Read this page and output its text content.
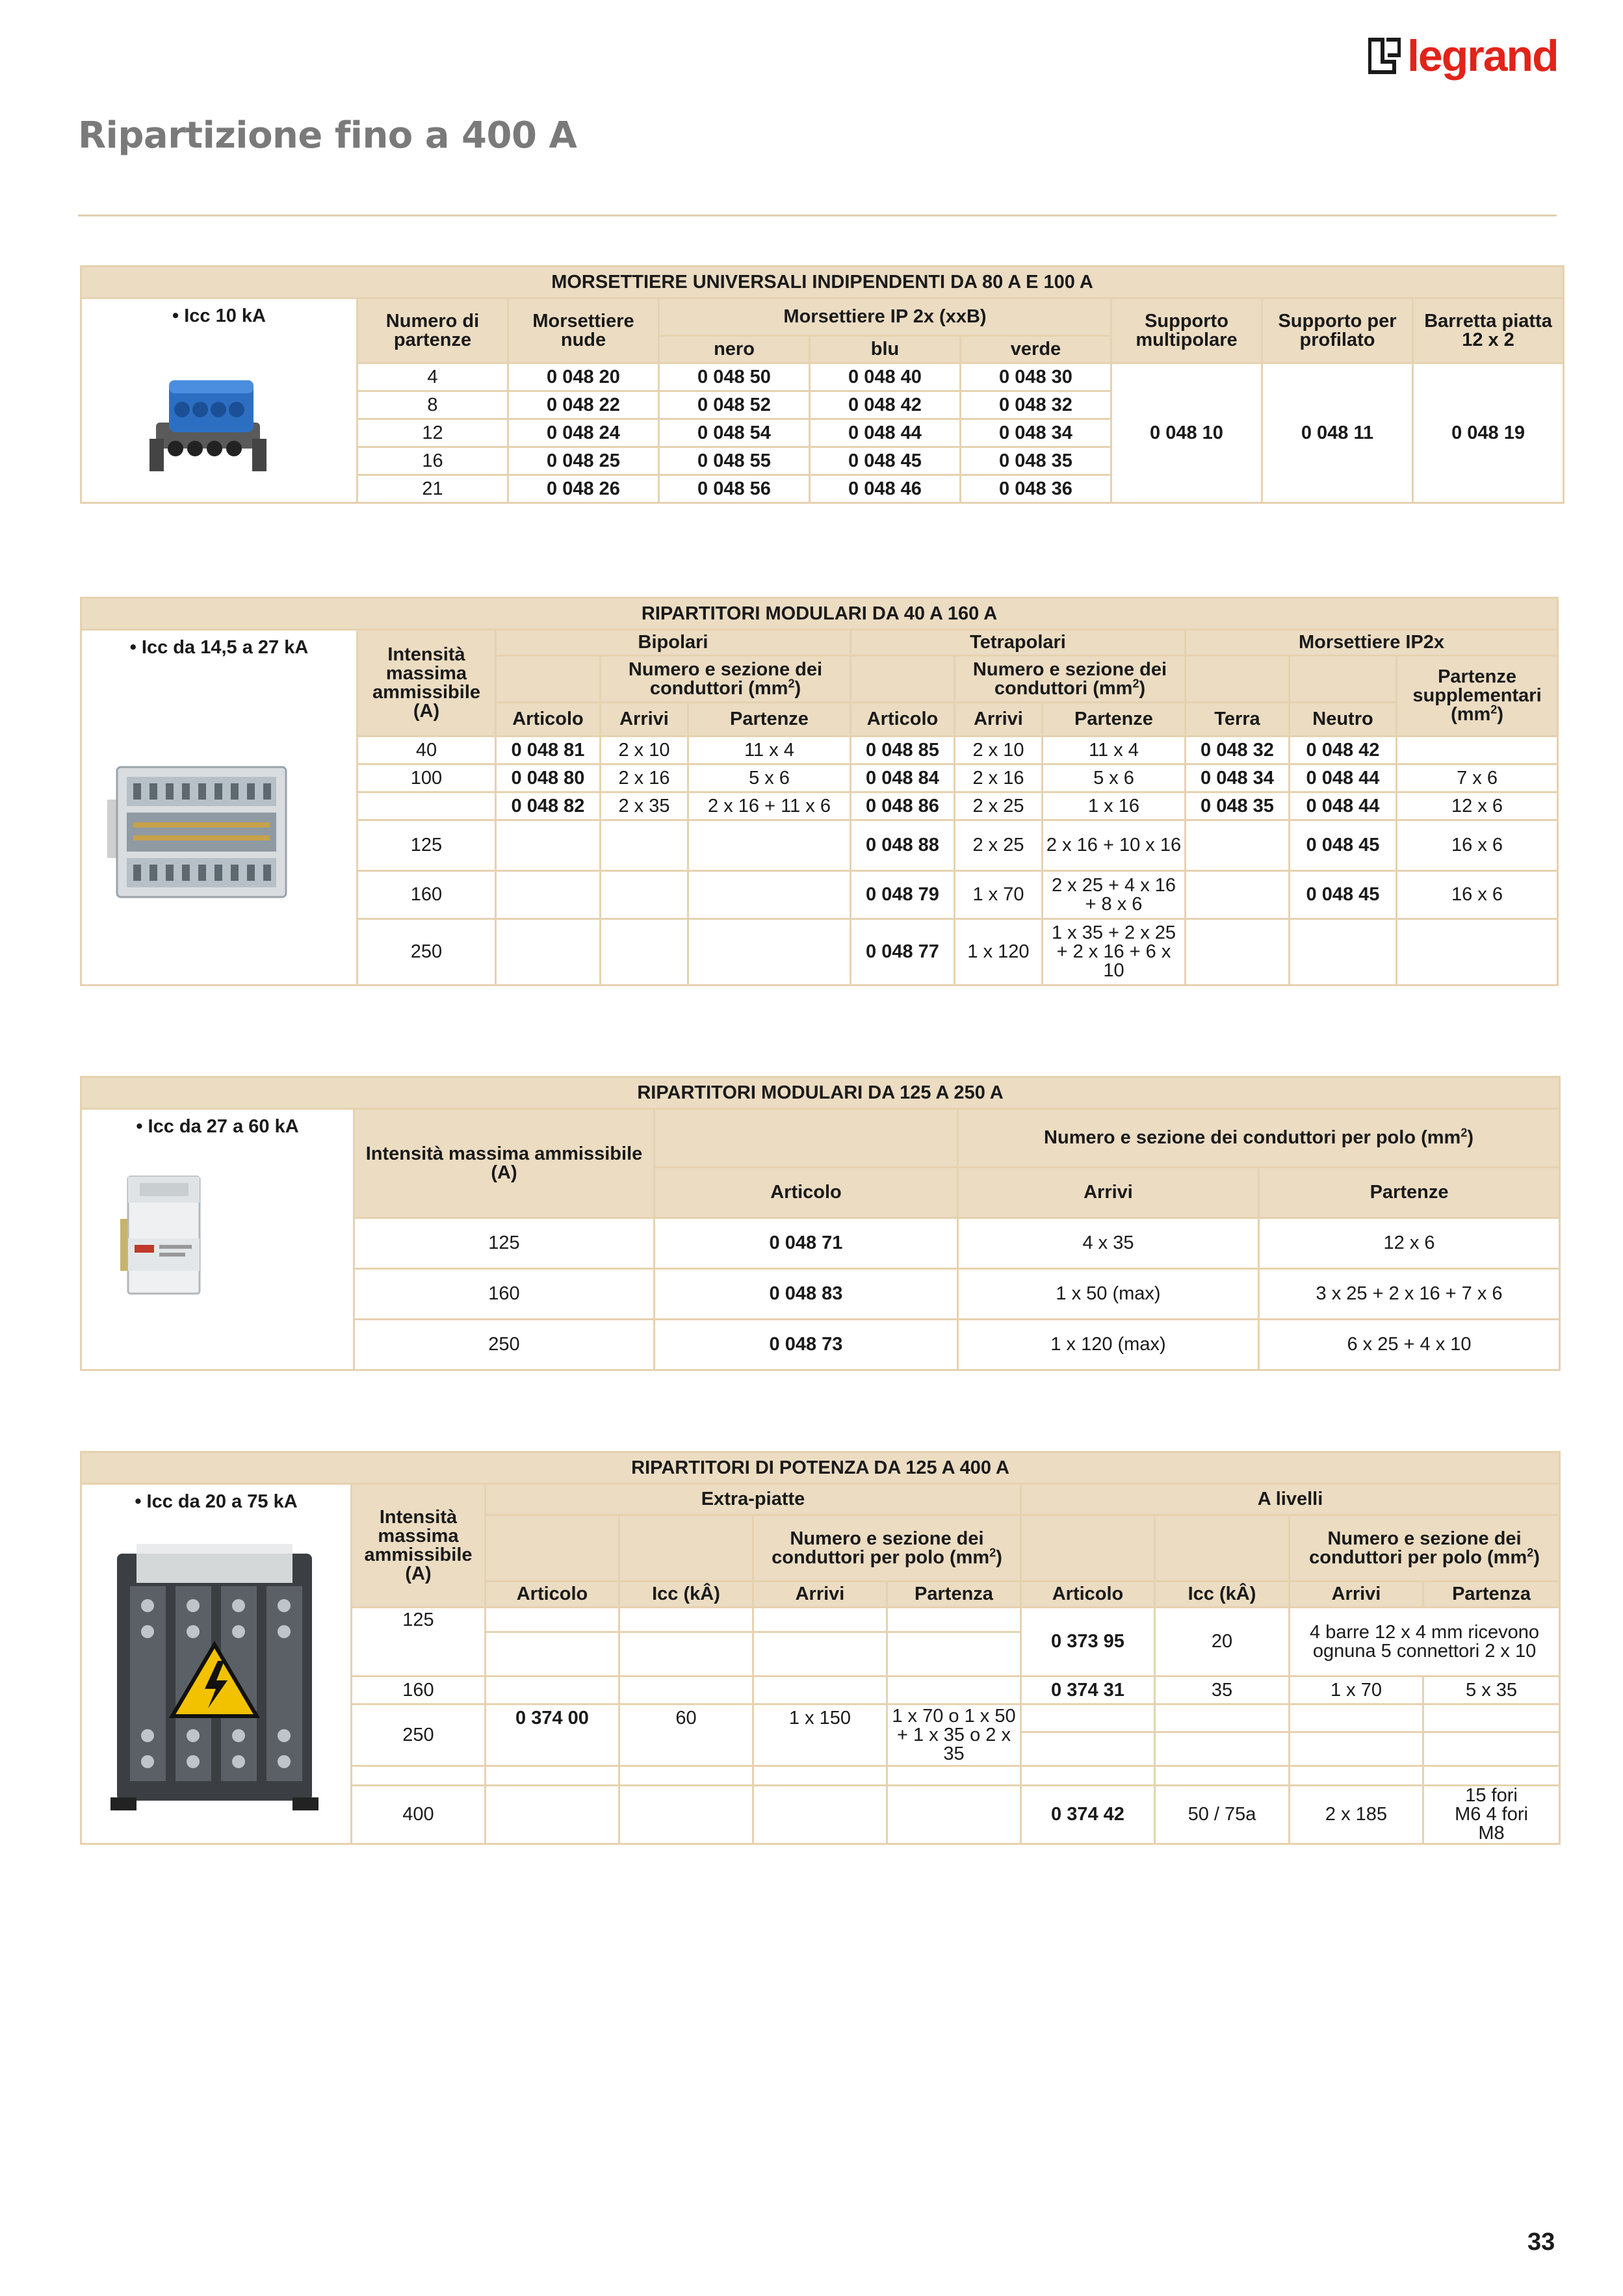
legrand
Ripartizione fino a 400 A
MORSETTIERE UNIVERSALI INDIPENDENTI DA 80 A E 100 A								

• Icc 10 kA	Numero di partenze	Morsettiere nude	Morsettiere IP 2x (xxB)			Supporto multipolare	Supporto per profilato	Barretta piatta 12 x 2
			nero	blu	verde			
	4	0 048 20	0 048 50	0 048 40	0 048 30	0 048 10	0 048 11	0 048 19
	8	0 048 22	0 048 52	0 048 42	0 048 32			
	12	0 048 24	0 048 54	0 048 44	0 048 34			
	16	0 048 25	0 048 55	0 048 45	0 048 35			
	21	0 048 26	0 048 56	0 048 46	0 048 36			
RIPARTITORI MODULARI DA 40 A 160 A										

• Icc da 14,5 a 27 kA	Intensità massima ammissibile (A)	Bipolari			Tetrapolari			Morsettiere IP2x		
			Numero e sezione dei conduttori $(mm^2)$			Numero e sezione dei conduttori $(mm^2)$				Partenze supplementari $(mm^2)$
		Articolo	Arrivi	Partenze	Articolo	Arrivi	Partenze	Terra	Neutro	
	40	0 048 81	2 x 10	11 x 4	0 048 85	2 x 10	11 x 4	0 048 32	0 048 42	
	100	0 048 80	2 x 16	5 x 6	0 048 84	2 x 16	5 x 6	0 048 34	0 048 44	7 x 6
		0 048 82	2 x 35	2 x 16 + 11 x 6	0 048 86	2 x 25	1 x 16	0 048 35	0 048 44	12 x 6
	125				0 048 88	2 x 25	2 x 16 + 10 x 16		0 048 45	16 x 6
	160				0 048 79	1 x 70	2 x 25 + 4 x 16 + 8 x 6		0 048 45	16 x 6
	250				0 048 77	1 x 120	1 x 35 + 2 x 25 + 2 x 16 + 6 x 10			
RIPARTITORI MODULARI DA 125 A 250 A				

• Icc da 27 a 60 kA	Intensità massima ammissibile (A)		Numero e sezione dei conduttori per polo $(mm^2)$	
		Articolo	Arrivi	Partenze
	125	0 048 71	4 x 35	12 x 6
	160	0 048 83	1 x 50 (max)	3 x 25 + 2 x 16 + 7 x 6
	250	0 048 73	1 x 120 (max)	6 x 25 + 4 x 10
RIPARTITORI DI POTENZA DA 125 A 400 A									

• Icc da 20 a 75 kA	Intensità massima ammissibile (A)	Extra-piatte				A livelli			
				Numero e sezione dei conduttori per polo $(mm^2)$				Numero e sezione dei conduttori per polo $(mm^2)$	
		Articolo	Icc (kÂ)	Arrivi	Partenza	Articolo	Icc (kÂ)	Arrivi	Partenza
	125					0 373 95	20	4 barre 12 x 4 mm ricevono ognuna 5 connettori 2 x 10	

	160					0 374 31	35	1 x 70	5 x 35
	250	0 374 00	60	1 x 150	1 x 70 o 1 x 50 + 1 x 35 o 2 x 35				

	400					0 374 42	50 / 75a	2 x 185	15 fori M6 4 fori M8
33
